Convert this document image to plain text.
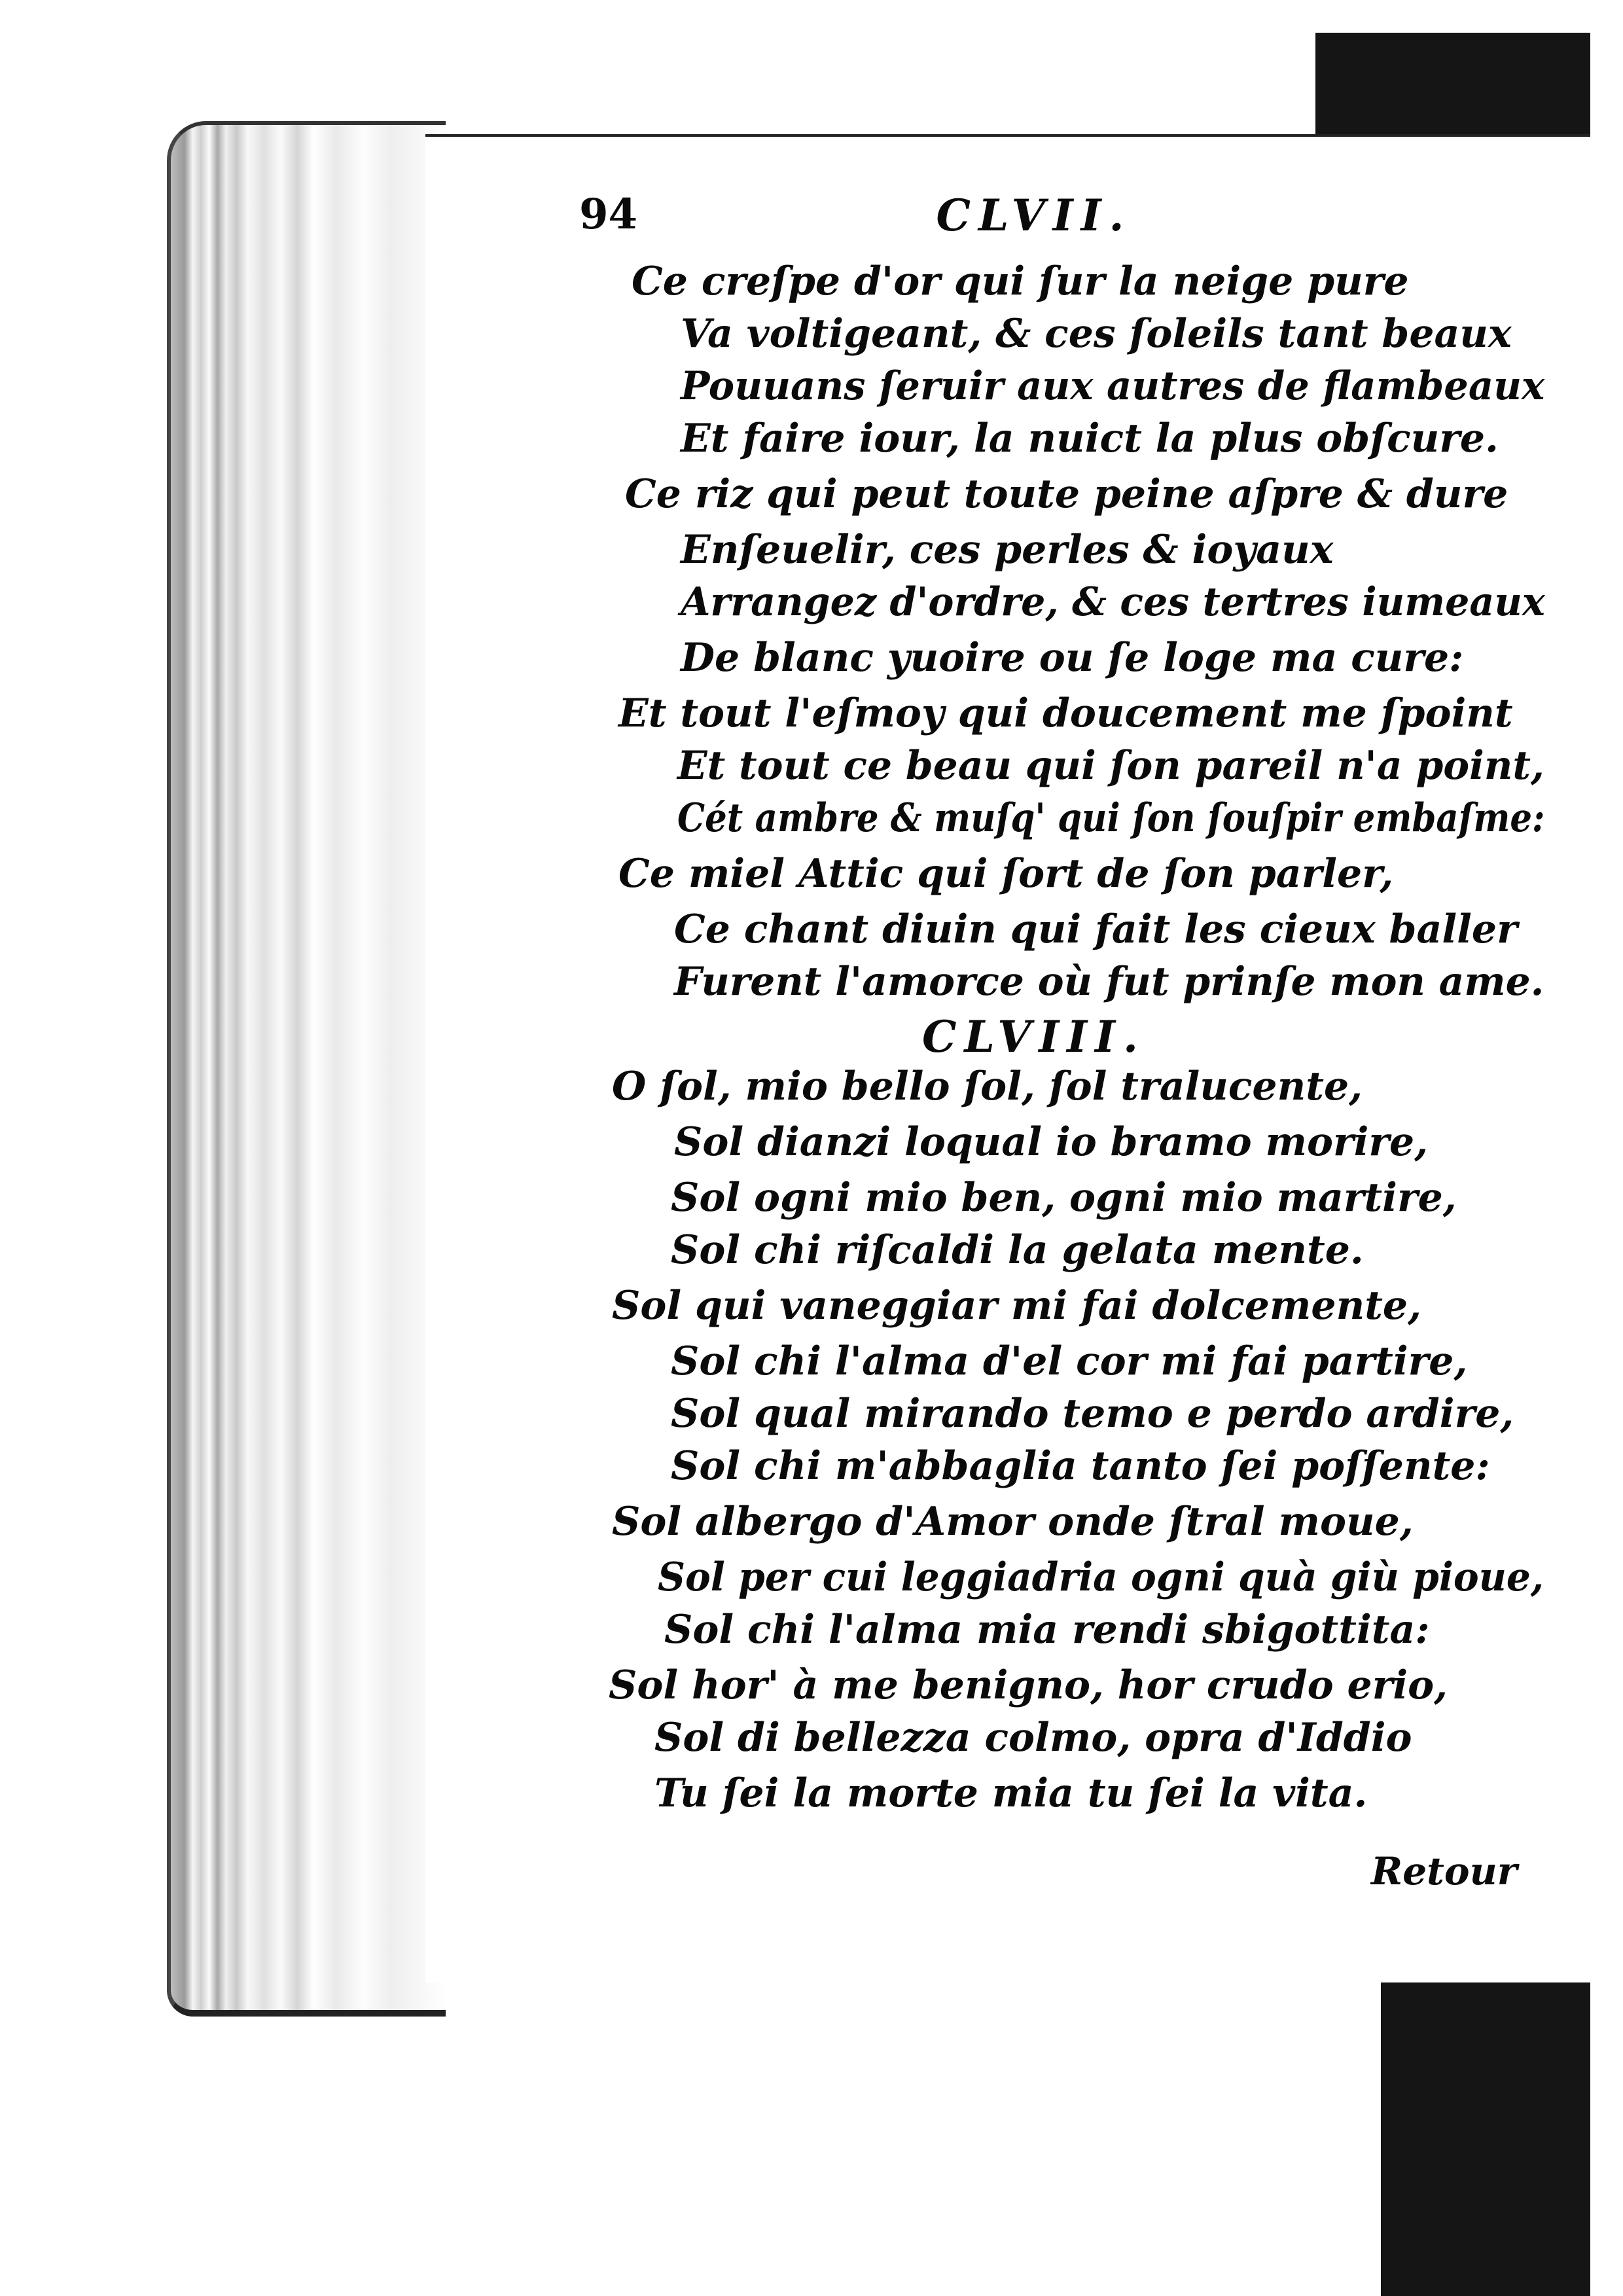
94	CLVII.
Ce creſpe d'or qui ſur la neige pure
Va voltigeant, & ces ſoleils tant beaux
Pouuans ſeruir aux autres de flambeaux
Et faire iour, la nuict la plus obſcure.
Ce riz qui peut toute peine aſpre & dure
Enſeuelir, ces perles & ioyaux
Arrangez d'ordre, & ces tertres iumeaux
De blanc yuoire ou ſe loge ma cure:
Et tout l'eſmoy qui doucement me ſpoint
Et tout ce beau qui ſon pareil n'a point,
Cét ambre & muſq' qui ſon ſouſpir embaſme:
Ce miel Attic qui ſort de ſon parler,
Ce chant diuin qui fait les cieux baller
Furent l'amorce où fut prinſe mon ame.
CLVIII.
O ſol, mio bello ſol, ſol tralucente,
Sol dianzi loqual io bramo morire,
Sol ogni mio ben, ogni mio martire,
Sol chi riſcaldi la gelata mente.
Sol qui vaneggiar mi fai dolcemente,
Sol chi l'alma d'el cor mi fai partire,
Sol qual mirando temo e perdo ardire,
Sol chi m'abbaglia tanto ſei poſſente:
Sol albergo d'Amor onde ſtral moue,
Sol per cui leggiadria ogni quà giù pioue,
Sol chi l'alma mia rendi sbigottita:
Sol hor' à me benigno, hor crudo erio,
Sol di bellezza colmo, opra d'Iddio
Tu ſei la morte mia tu ſei la vita.
Retour
